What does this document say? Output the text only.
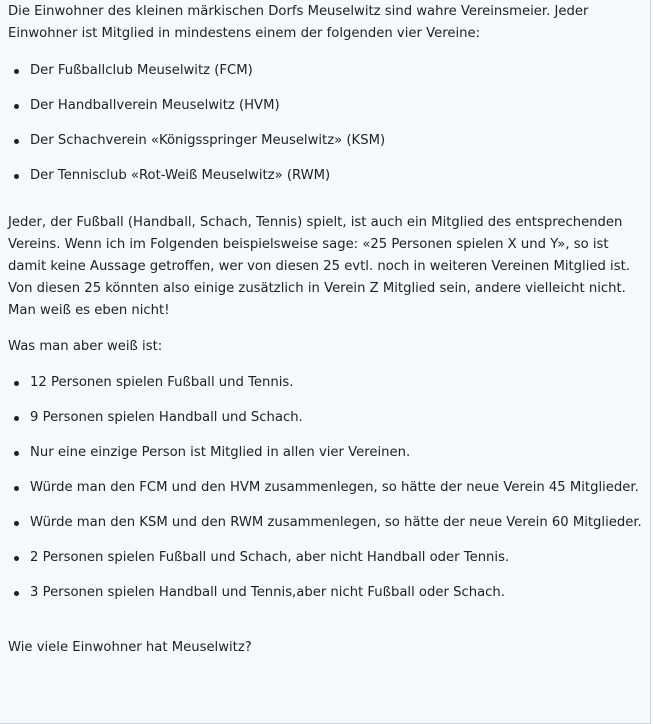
Die Einwohner des kleinen märkischen Dorfs Meuselwitz sind wahre Vereinsmeier. Jeder Einwohner ist Mitglied in mindestens einem der folgenden vier Vereine:

Der Fußballclub Meuselwitz (FCM)
Der Handballverein Meuselwitz (HVM)
Der Schachverein «Königsspringer Meuselwitz» (KSM)
Der Tennisclub «Rot-Weiß Meuselwitz» (RWM)

Jeder, der Fußball (Handball, Schach, Tennis) spielt, ist auch ein Mitglied des entsprechenden Vereins. Wenn ich im Folgenden beispielsweise sage: «25 Personen spielen X und Y», so ist damit keine Aussage getroffen, wer von diesen 25 evtl. noch in weiteren Vereinen Mitglied ist. Von diesen 25 könnten also einige zusätzlich in Verein Z Mitglied sein, andere vielleicht nicht. Man weiß es eben nicht!

Was man aber weiß ist:

12 Personen spielen Fußball und Tennis.
9 Personen spielen Handball und Schach.
Nur eine einzige Person ist Mitglied in allen vier Vereinen.
Würde man den FCM und den HVM zusammenlegen, so hätte der neue Verein 45 Mitglieder.
Würde man den KSM und den RWM zusammenlegen, so hätte der neue Verein 60 Mitglieder.
2 Personen spielen Fußball und Schach, aber nicht Handball oder Tennis.
3 Personen spielen Handball und Tennis,aber nicht Fußball oder Schach.

Wie viele Einwohner hat Meuselwitz?
